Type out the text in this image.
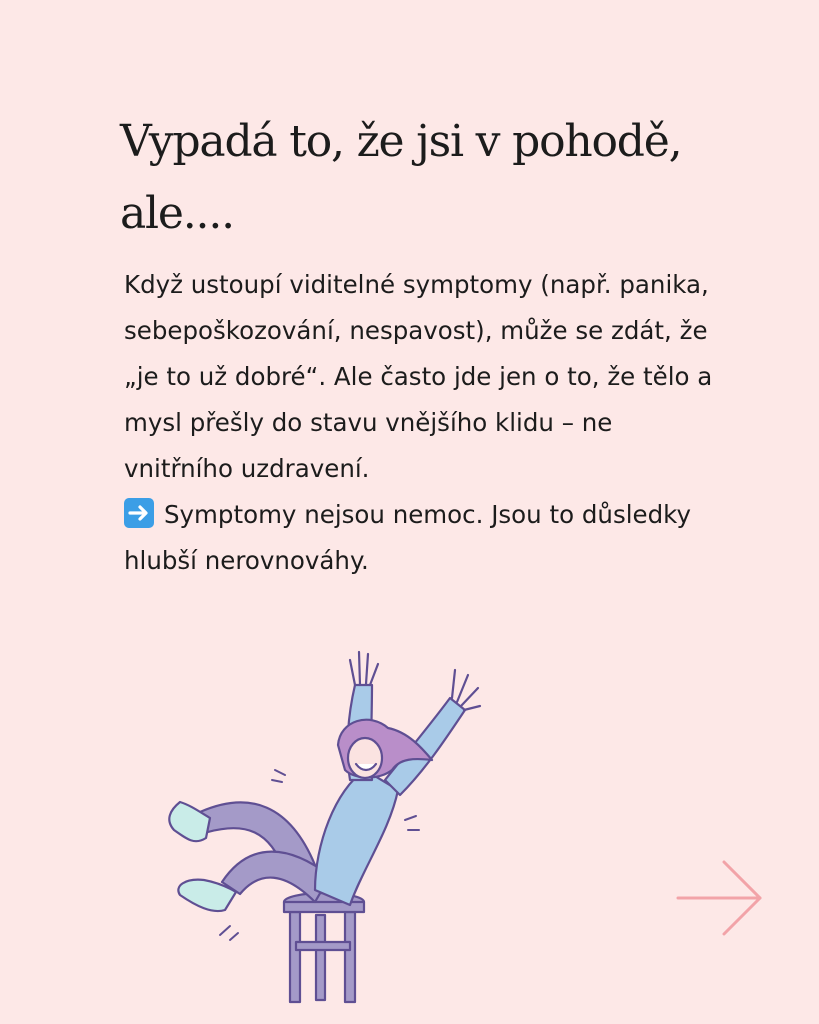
Vypadá to, že jsi v pohodě,
ale....

Když ustoupí viditelné symptomy (např. panika, sebepoškozování, nespavost), může se zdát, že „je to už dobré“. Ale často jde jen o to, že tělo a mysl přešly do stavu vnějšího klidu – ne vnitřního uzdravení.

Symptomy nejsou nemoc. Jsou to důsledky hlubší nerovnováhy.
